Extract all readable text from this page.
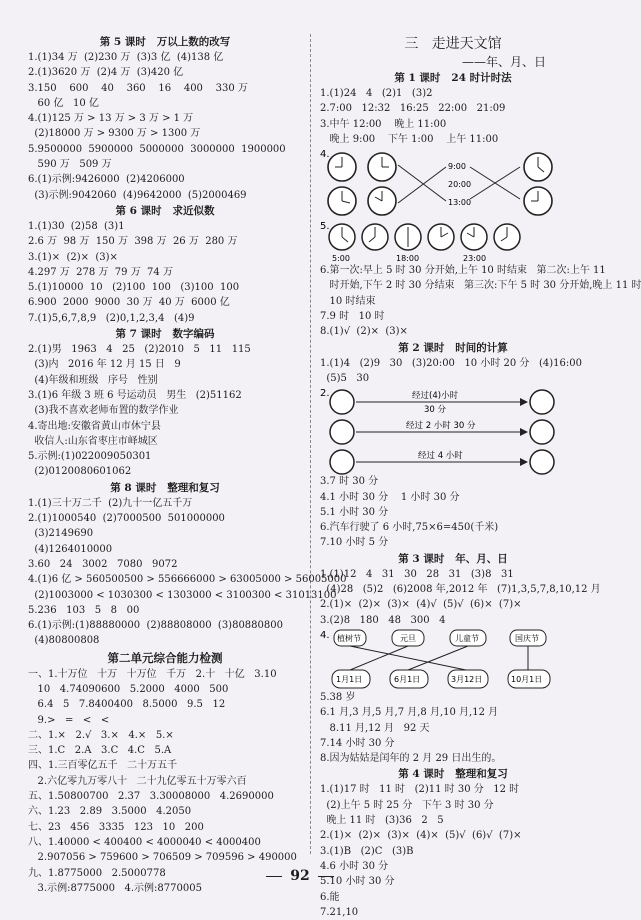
第 5 课时   万以上数的改写
1.(1)34 万  (2)230 万  (3)3 亿  (4)138 亿
2.(1)3620 万  (2)4 万  (3)420 亿
3.150    600    40    360    16    400    330 万
60 亿   10 亿
4.(1)125 万 > 13 万 > 3 万 > 1 万
(2)18000 万 > 9300 万 > 1300 万
5.9500000  5900000  5000000  3000000  1900000
590 万   509 万
6.(1)示例:9426000  (2)4206000
(3)示例:9042060  (4)9642000  (5)2000469
第 6 课时   求近似数
1.(1)30  (2)58  (3)1
2.6 万  98 万  150 万  398 万  26 万  280 万
3.(1)×  (2)×  (3)×
4.297 万  278 万  79 万  74 万
5.(1)10000  10   (2)100  100   (3)100  100
6.900  2000  9000  30 万  40 万  6000 亿
7.(1)5,6,7,8,9   (2)0,1,2,3,4   (4)9
第 7 课时   数字编码
2.(1)男   1963   4   25   (2)2010   5   11   115
(3)内   2016 年 12 月 15 日   9
(4)年级和班级   序号   性别
3.(1)6 年级 3 班 6 号运动员   男生   (2)51162
(3)我不喜欢老师布置的数学作业
4.寄出地:安徽省黄山市休宁县
收信人:山东省枣庄市峄城区
5.示例:(1)022009050301
(2)0120080601062
第 8 课时   整理和复习
1.(1)三十万二千  (2)九十一亿五千万
2.(1)1000540  (2)7000500  501000000
(3)2149690
(4)1264010000
3.60   24   3002   7080   9072
4.(1)6 亿 > 560500500 > 556666000 > 63005000 > 56005000
(2)1003000 < 1030300 < 1303000 < 3100300 < 31013100
5.236   103   5   8   00
6.(1)示例:(1)88880000  (2)88808000  (3)80880800
(4)80800808
第二单元综合能力检测
一、1.十万位   十万   十万位   千万   2.十   十亿   3.10
10   4.74090600   5.2000   4000   500
6.4   5   7.8400400   8.5000   9.5   12
9.>   =   <   <
二、1.×   2.√   3.×   4.×   5.×
三、1.C   2.A   3.C   4.C   5.A
四、1.三百零亿五千   二十万五千
2.六亿零九万零八十   二十九亿零五十万零六百
五、1.50800700   2.37   3.30008000   4.2690000
六、1.23   2.89   3.5000   4.2050
七、23   456   3335   123   10   200
八、1.40000 < 400400 < 4000040 < 4000400
2.907056 > 759600 > 706509 > 709596 > 490000
九、1.8775000   2.5000778
3.示例:8775000   4.示例:8770005
三   走进天文馆
——年、月、日
第 1 课时   24 时计时法
1.(1)24   4   (2)1   (3)2
2.7:00   12:32   16:25   22:00   21:09
3.中午 12:00    晚上 11:00
晚上 9:00    下午 1:00    上午 11:00
4.
9:00
20:00
13:00
5.
5:00	18:00	23:00
6.第一次:早上 5 时 30 分开始,上午 10 时结束   第二次:上午 11
时开始,下午 2 时 30 分结束   第三次:下午 5 时 30 分开始,晚上 11 时
10 时结束
7.9 时   10 时
8.(1)√  (2)×  (3)×
第 2 课时   时间的计算
1.(1)4   (2)9   30   (3)20:00   10 小时 20 分   (4)16:00
(5)5   30
2.	经过(4)小时
30 分
经过 2 小时 30 分
经过 4 小时
3.7 时 30 分
4.1 小时 30 分    1 小时 30 分
5.1 小时 30 分
6.汽车行驶了 6 小时,75×6=450(千米)
7.10 小时 5 分
第 3 课时   年、月、日
1.(1)12   4   31   30   28   31   (3)8   31
(4)28   (5)2   (6)2008 年,2012 年   (7)1,3,5,7,8,10,12 月
2.(1)×  (2)×  (3)×  (4)√  (5)√  (6)×  (7)×
3.(2)8   180   48   300   4
4. 植树节	元旦	儿童节	国庆节
1月1日	6月1日	3月12日	10月1日
5.38 岁
6.1 月,3 月,5 月,7 月,8 月,10 月,12 月
8.11 月,12 月   92 天
7.14 小时 30 分
8.因为姑姑是闰年的 2 月 29 日出生的。
第 4 课时   整理和复习
1.(1)17 时   11 时   (2)11 时 30 分   12 时
(2)上午 5 时 25 分   下午 3 时 30 分
晚上 11 时   (3)36   2   5
2.(1)×  (2)×  (3)×  (4)×  (5)√  (6)√  (7)×
3.(1)B   (2)C   (3)B
4.6 小时 30 分
5.10 小时 30 分
6.能
7.21,10
92
